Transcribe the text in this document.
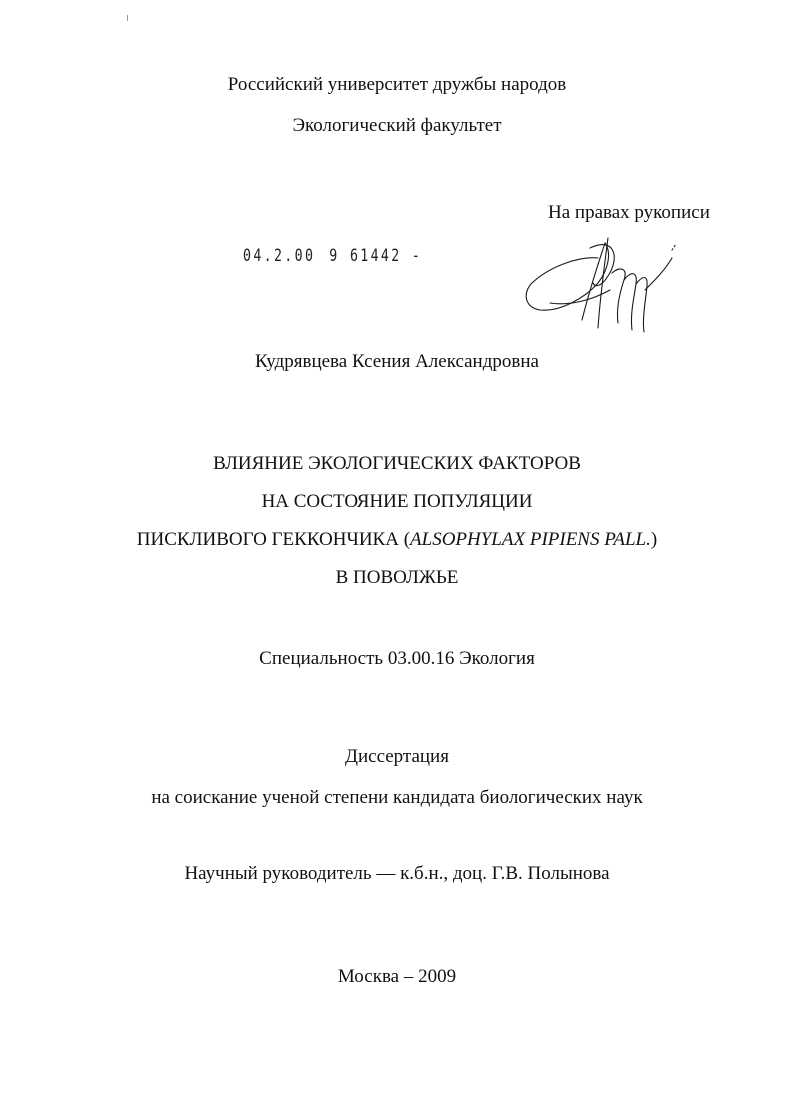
Российский университет дружбы народов
Экологический факультет
На правах рукописи
04.2.00 9 61442 -
Кудрявцева Ксения Александровна
ВЛИЯНИЕ ЭКОЛОГИЧЕСКИХ ФАКТОРОВ
НА СОСТОЯНИЕ ПОПУЛЯЦИИ
ПИСКЛИВОГО ГЕККОНЧИКА (ALSOPHYLAX PIPIENS PALL.)
В ПОВОЛЖЬЕ
Специальность 03.00.16 Экология
Диссертация
на соискание ученой степени кандидата биологических наук
Научный руководитель — к.б.н., доц. Г.В. Полынова
Москва – 2009
